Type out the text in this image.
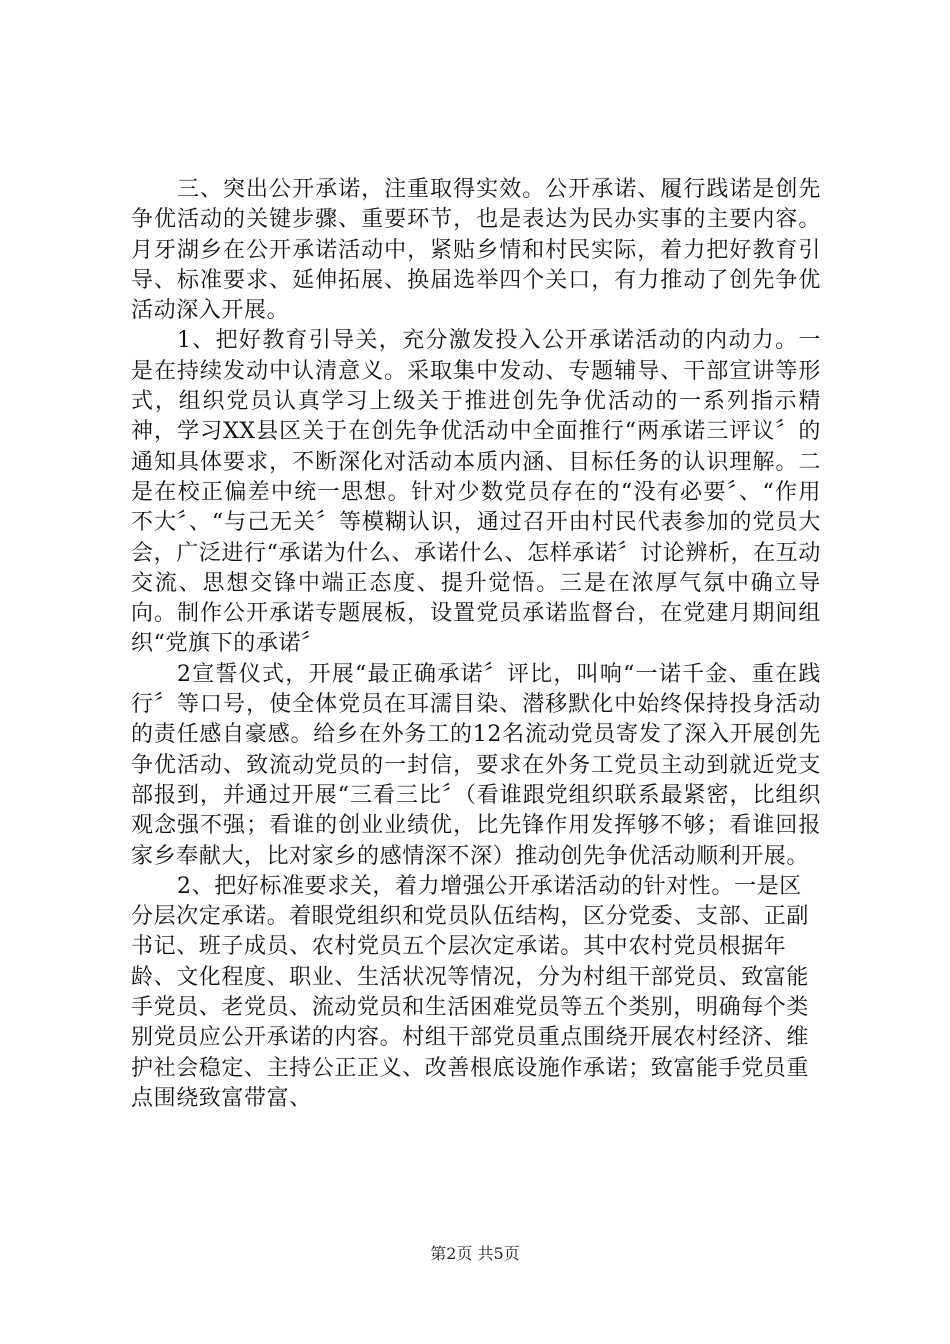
三、突出公开承诺，注重取得实效。公开承诺、履行践诺是创先争优活动的关键步骤、重要环节，也是表达为民办实事的主要内容。月牙湖乡在公开承诺活动中，紧贴乡情和村民实际，着力把好教育引导、标准要求、延伸拓展、换届选举四个关口，有力推动了创先争优活动深入开展。

1、把好教育引导关，充分激发投入公开承诺活动的内动力。一是在持续发动中认清意义。采取集中发动、专题辅导、干部宣讲等形式，组织党员认真学习上级关于推进创先争优活动的一系列指示精神，学习XX县区关于在创先争优活动中全面推行“两承诺三评议〞的通知具体要求，不断深化对活动本质内涵、目标任务的认识理解。二是在校正偏差中统一思想。针对少数党员存在的“没有必要〞、“作用不大〞、“与己无关〞等模糊认识，通过召开由村民代表参加的党员大会，广泛进行“承诺为什么、承诺什么、怎样承诺〞讨论辨析，在互动交流、思想交锋中端正态度、提升觉悟。三是在浓厚气氛中确立导向。制作公开承诺专题展板，设置党员承诺监督台，在党建月期间组织“党旗下的承诺〞

2宣誓仪式，开展“最正确承诺〞评比，叫响“一诺千金、重在践行〞等口号，使全体党员在耳濡目染、潜移默化中始终保持投身活动的责任感自豪感。给乡在外务工的12名流动党员寄发了深入开展创先争优活动、致流动党员的一封信，要求在外务工党员主动到就近党支部报到，并通过开展“三看三比〞（看谁跟党组织联系最紧密，比组织观念强不强；看谁的创业业绩优，比先锋作用发挥够不够；看谁回报家乡奉献大，比对家乡的感情深不深）推动创先争优活动顺利开展。

2、把好标准要求关，着力增强公开承诺活动的针对性。一是区分层次定承诺。着眼党组织和党员队伍结构，区分党委、支部、正副书记、班子成员、农村党员五个层次定承诺。其中农村党员根据年龄、文化程度、职业、生活状况等情况，分为村组干部党员、致富能手党员、老党员、流动党员和生活困难党员等五个类别，明确每个类别党员应公开承诺的内容。村组干部党员重点围绕开展农村经济、维护社会稳定、主持公正正义、改善根底设施作承诺；致富能手党员重点围绕致富带富、

第2页 共5页
